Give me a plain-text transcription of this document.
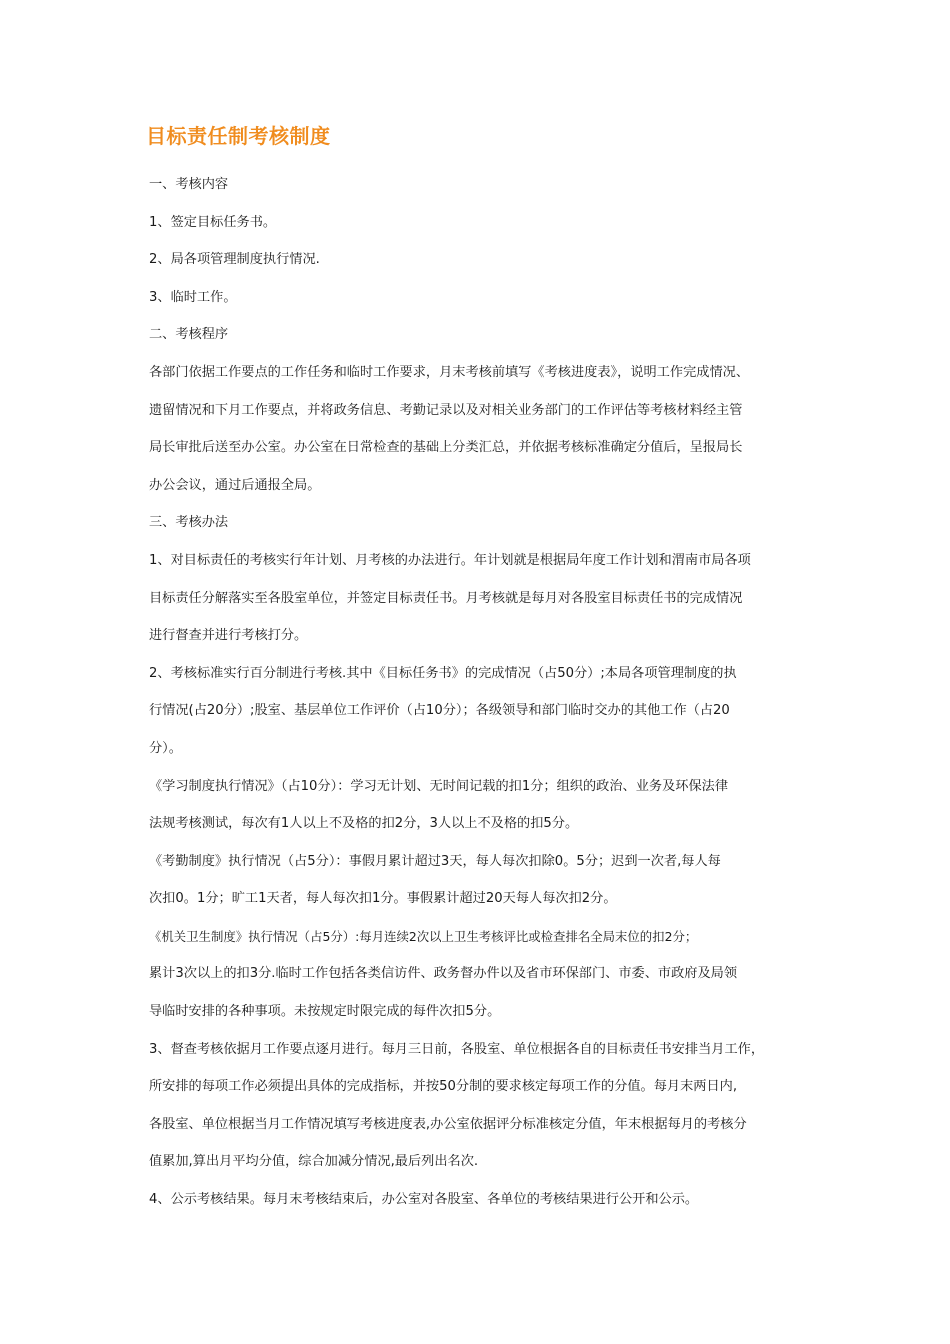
目标责任制考核制度
一、考核内容
1、签定目标任务书。
2、局各项管理制度执行情况.
3、临时工作。
二、考核程序
各部门依据工作要点的工作任务和临时工作要求，月末考核前填写《考核进度表》，说明工作完成情况、
遗留情况和下月工作要点，并将政务信息、考勤记录以及对相关业务部门的工作评估等考核材料经主管
局长审批后送至办公室。办公室在日常检查的基础上分类汇总，并依据考核标准确定分值后，呈报局长
办公会议，通过后通报全局。
三、考核办法
1、对目标责任的考核实行年计划、月考核的办法进行。年计划就是根据局年度工作计划和渭南市局各项
目标责任分解落实至各股室单位，并签定目标责任书。月考核就是每月对各股室目标责任书的完成情况
进行督查并进行考核打分。
2、考核标准实行百分制进行考核.其中《目标任务书》的完成情况（占50分）;本局各项管理制度的执
行情况(占20分）;股室、基层单位工作评价（占10分）；各级领导和部门临时交办的其他工作（占20
分）。
《学习制度执行情况》（占10分）：学习无计划、无时间记载的扣1分；组织的政治、业务及环保法律
法规考核测试，每次有1人以上不及格的扣2分，3人以上不及格的扣5分。
《考勤制度》执行情况（占5分）：事假月累计超过3天，每人每次扣除0。5分；迟到一次者,每人每
次扣0。1分；旷工1天者，每人每次扣1分。事假累计超过20天每人每次扣2分。
《机关卫生制度》执行情况（占5分）:每月连续2次以上卫生考核评比或检查排名全局末位的扣2分；
累计3次以上的扣3分.临时工作包括各类信访件、政务督办件以及省市环保部门、市委、市政府及局领
导临时安排的各种事项。未按规定时限完成的每件次扣5分。
3、督查考核依据月工作要点逐月进行。每月三日前，各股室、单位根据各自的目标责任书安排当月工作，
所安排的每项工作必须提出具体的完成指标，并按50分制的要求核定每项工作的分值。每月末两日内,
各股室、单位根据当月工作情况填写考核进度表,办公室依据评分标准核定分值，年末根据每月的考核分
值累加,算出月平均分值，综合加减分情况,最后列出名次.
4、公示考核结果。每月末考核结束后，办公室对各股室、各单位的考核结果进行公开和公示。
